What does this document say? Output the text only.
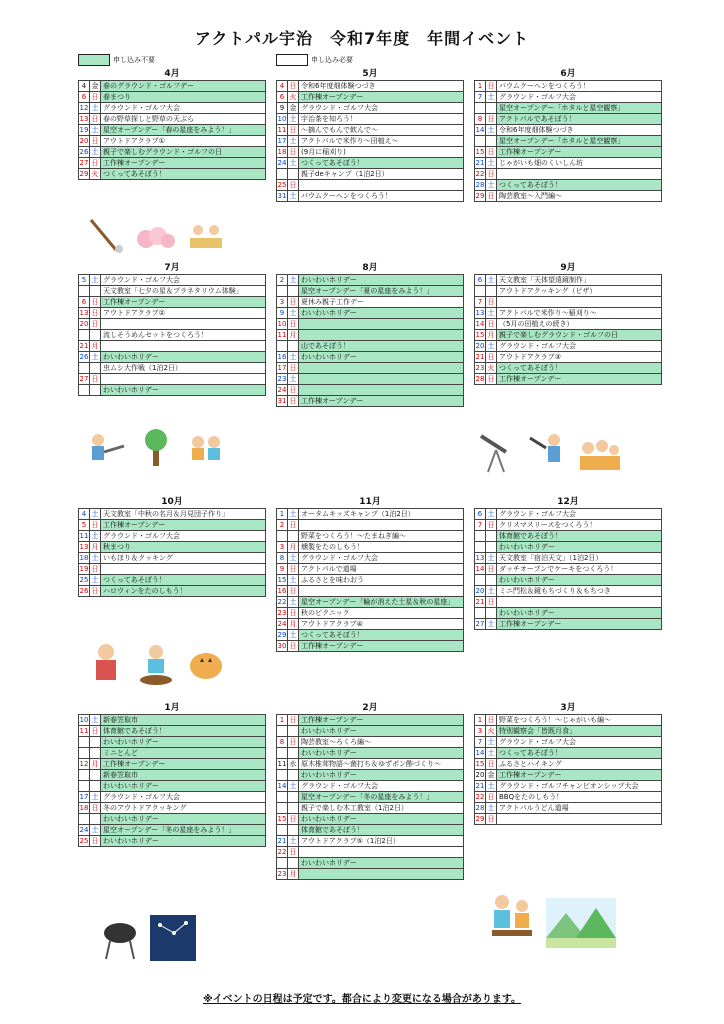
アクトパル宇治　令和7年度　年間イベント
申し込み不要	申し込み必要
4月
4	金	春のグラウンド・ゴルフデー
6	日	春まつり
12	土	グラウンド・ゴルフ大会
13	日	春の野草探しと野草の天ぷら
19	土	星空オープンデー「春の星座をみよう！」
20	日	アウトドアクラブ①
26	土	親子で楽しむグラウンド・ゴルフの日
27	日	工作棟オープンデー
29	火	つくってあそぼう！
5月
4	日	令和6年度畑体験つづき
6	火	工作棟オープンデー
9	金	グラウンド・ゴルフ大会
10	土	宇治茶を知ろう！
11	日	～摘んでもんで飲んで～
17	土	アクトパルで米作り～田植え～
18	日	(9月に稲刈り)
24	土	つくってあそぼう！
		親子deキャンプ（1泊2日）
25	日	
31	土	バウムクーヘンをつくろう！
6月
1	日	バウムクーヘンをつくろう！
7	土	グラウンド・ゴルフ大会
		星空オープンデー「ホタルと星空観察」
8	日	アクトパルであそぼう！
14	土	令和6年度畑体験つづき
		星空オープンデー「ホタルと星空観察」
15	日	工作棟オープンデー
21	土	じゃがいも畑のくいしん坊
22	日	
28	土	つくってあそぼう！
29	日	陶芸教室～入門編～
7月
5	土	グラウンド・ゴルフ大会
		天文教室「七夕の星＆プラネタリウム体験」
6	日	工作棟オープンデー
13	日	アウトドアクラブ②
20	日	
		流しそうめんセットをつくろう！
21	月	
26	土	わいわいホリデー
		虫ムシ大作戦（1泊2日）
27	日	
		わいわいホリデー
8月
2	土	わいわいホリデー
		星空オープンデー「夏の星座をみよう！」
3	日	夏休み親子工作デー
9	土	わいわいホリデー
10	日	
11	月	
		山であそぼう！
16	土	わいわいホリデー
17	日	
23	土	
24	日	
31	日	工作棟オープンデー
9月
6	土	天文教室「天体望遠鏡制作」
		アウトドアクッキング（ピザ）
7	日	
13	土	アクトパルで米作り～稲刈り～
14	日	（5月の田植えの続き）
15	月	親子で楽しむグラウンド・ゴルフの日
20	土	グラウンド・ゴルフ大会
21	日	アウトドアクラブ③
23	火	つくってあそぼう！
28	日	工作棟オープンデー
10月
4	土	天文教室「中秋の名月＆月見団子作り」
5	日	工作棟オープンデー
11	土	グラウンド・ゴルフ大会
13	月	秋まつり
18	土	いもほり＆クッキング
19	日	
25	土	つくってあそぼう！
26	日	ハロウィンをたのしもう！
11月
1	土	オータムキッズキャンプ（1泊2日）
2	日	
		野菜をつくろう！～たまねぎ編～
3	月	燻製をたのしもう！
8	土	グラウンド・ゴルフ大会
9	日	アクトパルで道場
15	土	ふるさとを味わおう
16	日	
22	土	星空オープンデー「輪が消えた土星＆秋の星座」
23	日	秋のピクニック
24	月	アウトドアクラブ④
29	土	つくってあそぼう！
30	日	工作棟オープンデー
12月
6	土	グラウンド・ゴルフ大会
7	日	クリスマスリースをつくろう！
		体育館であそぼう！
		わいわいホリデー
13	土	天文教室「宿泊天文」（1泊2日）
14	日	ダッチオーブンでケーキをつくろう！
		わいわいホリデー
20	土	ミニ門松＆鏡もちづくり＆もちつき
21	日	
		わいわいホリデー
27	土	工作棟オープンデー
1月
10	土	新春笠取市
11	日	体育館であそぼう！
		わいわいホリデー
		ミニとんど
12	月	工作棟オープンデー
		新春笠取市
		わいわいホリデー
17	土	グラウンド・ゴルフ大会
18	日	冬のアウトドアクッキング
		わいわいホリデー
24	土	星空オープンデー「冬の星座をみよう！」
25	日	わいわいホリデー
2月
1	日	工作棟オープンデー
		わいわいホリデー
8	日	陶芸教室～ろくろ編～
		わいわいホリデー
11	水	原木椎茸物語～菌打ち＆ゆずポン酢づくり～
		わいわいホリデー
14	土	グラウンド・ゴルフ大会
		星空オープンデー「冬の星座をみよう！」
		親子で楽しむ木工教室（1泊2日）
15	日	わいわいホリデー
		体育館であそぼう！
21	土	アウトドアクラブ⑤（1泊2日）
22	日	
		わいわいホリデー
23	月	
3月
1	日	野菜をつくろう！～じゃがいも編～
3	火	特別観察会「皆既月食」
7	土	グラウンド・ゴルフ大会
14	土	つくってあそぼう！
15	日	ふるさとハイキング
20	金	工作棟オープンデー
21	土	グラウンド・ゴルフチャンピオンシップ大会
22	日	BBQをたのしもう！
28	土	アクトパルうどん道場
29	日	
※イベントの日程は予定です。都合により変更になる場合があります。
